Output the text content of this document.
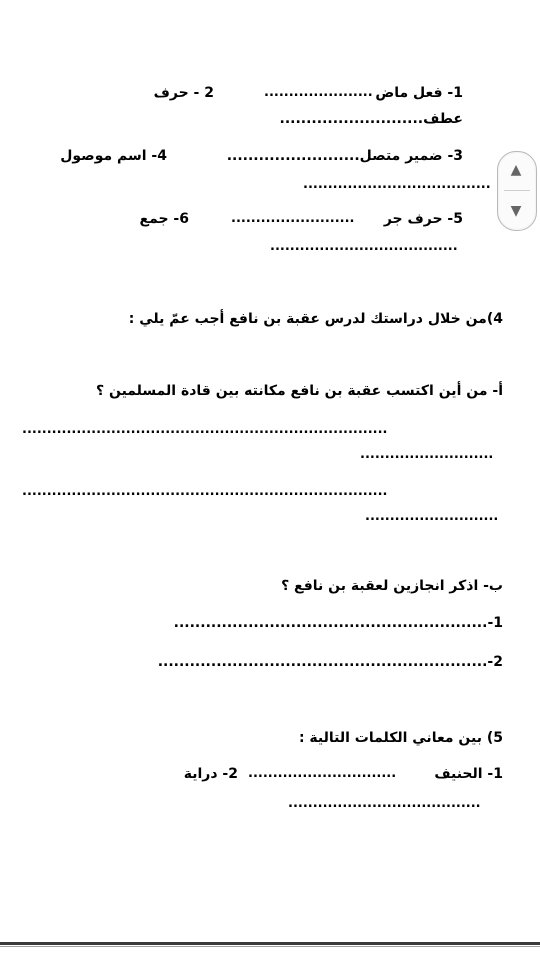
1- فعل ماض
......................
2 - حرف
عطف...........................
3- ضمير متصل.........................
4- اسم موصول
......................................
5- حرف جر
.........................
6- جمع
......................................
4)من خلال دراستك لدرس عقبة بن نافع أجب عمّ يلي :
أ- من أين اكتسب عقبة بن نافع مكانته بين قادة المسلمين ؟
..........................................................................
...........................
..........................................................................
...........................
ب- اذكر انجازين لعقبة بن نافع ؟
1-...........................................................
2-..............................................................
5) بين معاني الكلمات التالية :
1- الحنيف
..............................
2- دراية
.......................................
▲
▼
